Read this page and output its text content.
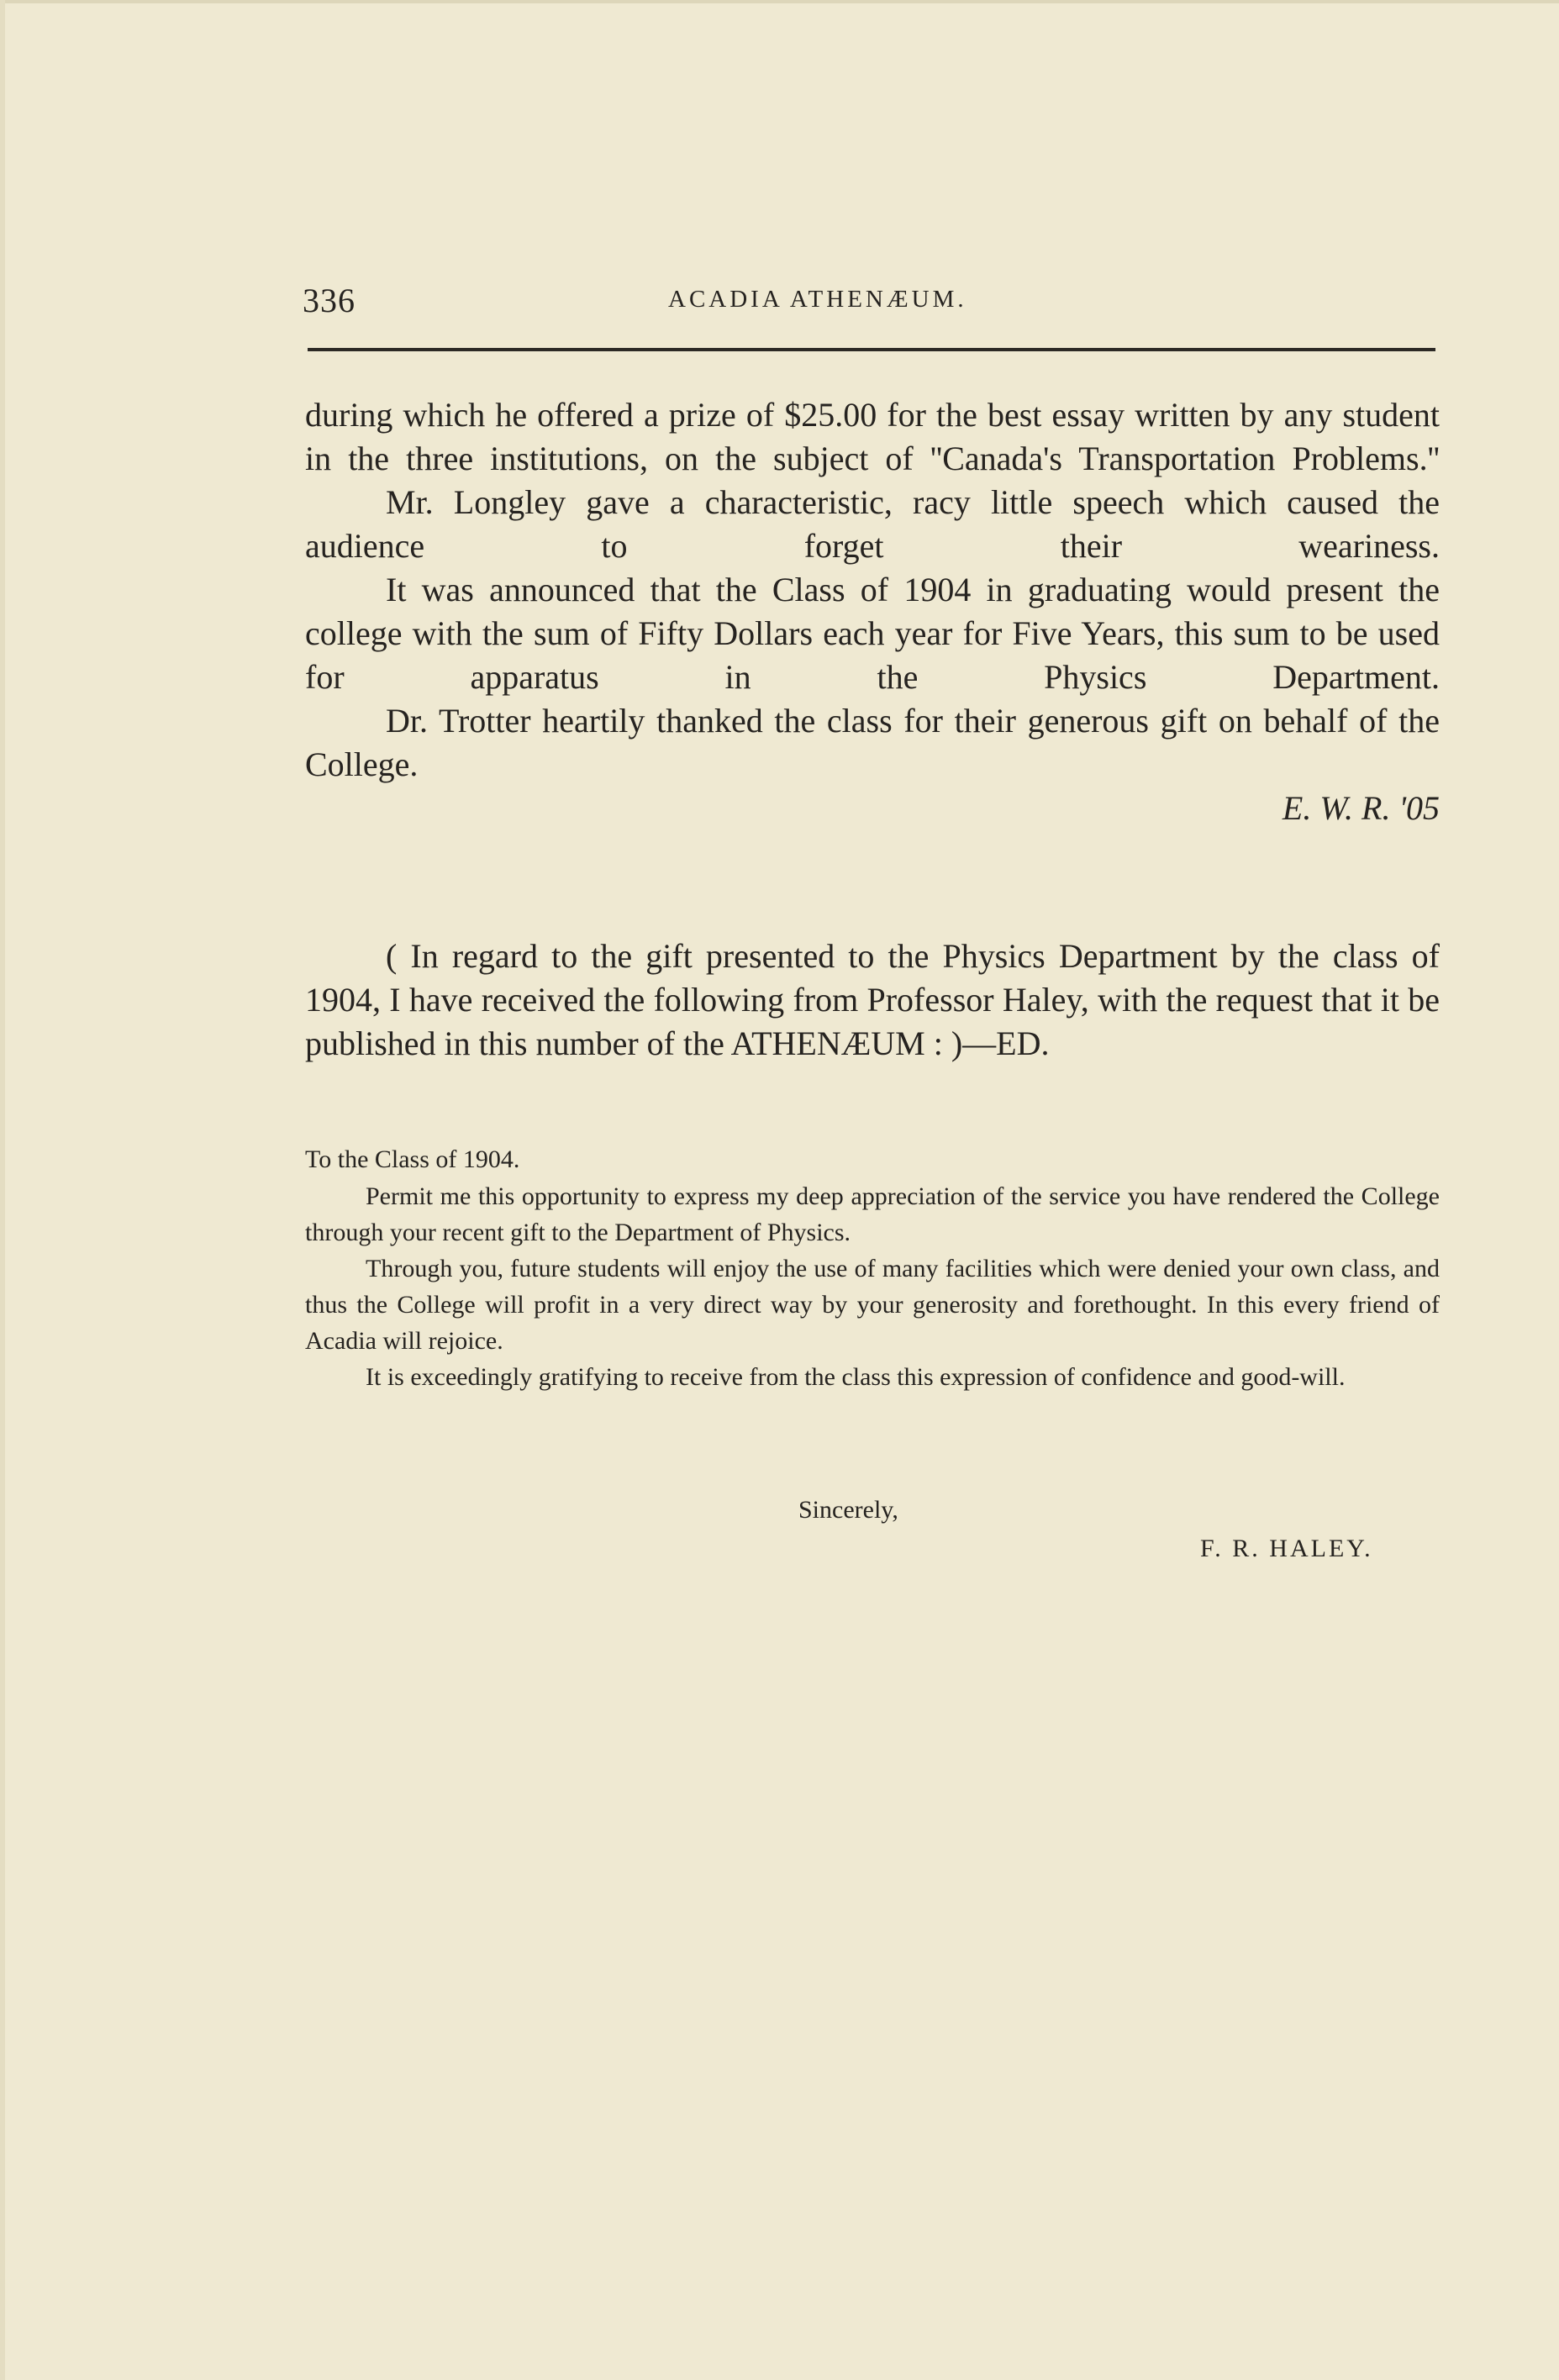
336	ACADIA ATHENÆUM.

during which he offered a prize of $25.00 for the best essay written by any student in the three institutions, on the subject of ''Canada's Transportation Problems.''

Mr. Longley gave a characteristic, racy little speech which caused the audience to forget their weariness.

It was announced that the Class of 1904 in graduating would present the college with the sum of Fifty Dollars each year for Five Years, this sum to be used for apparatus in the Physics Department.

Dr. Trotter heartily thanked the class for their generous gift on behalf of the College.

E. W. R. '05

( In regard to the gift presented to the Physics Department by the class of 1904, I have received the following from Professor Haley, with the request that it be published in this number of the ATHENÆUM : )—ED.

To the Class of 1904.

Permit me this opportunity to express my deep appreciation of the service you have rendered the College through your recent gift to the Department of Physics.

Through you, future students will enjoy the use of many facilities which were denied your own class, and thus the College will profit in a very direct way by your generosity and forethought. In this every friend of Acadia will rejoice.

It is exceedingly gratifying to receive from the class this expression of confidence and good-will.

Sincerely,
F. R. HALEY.
